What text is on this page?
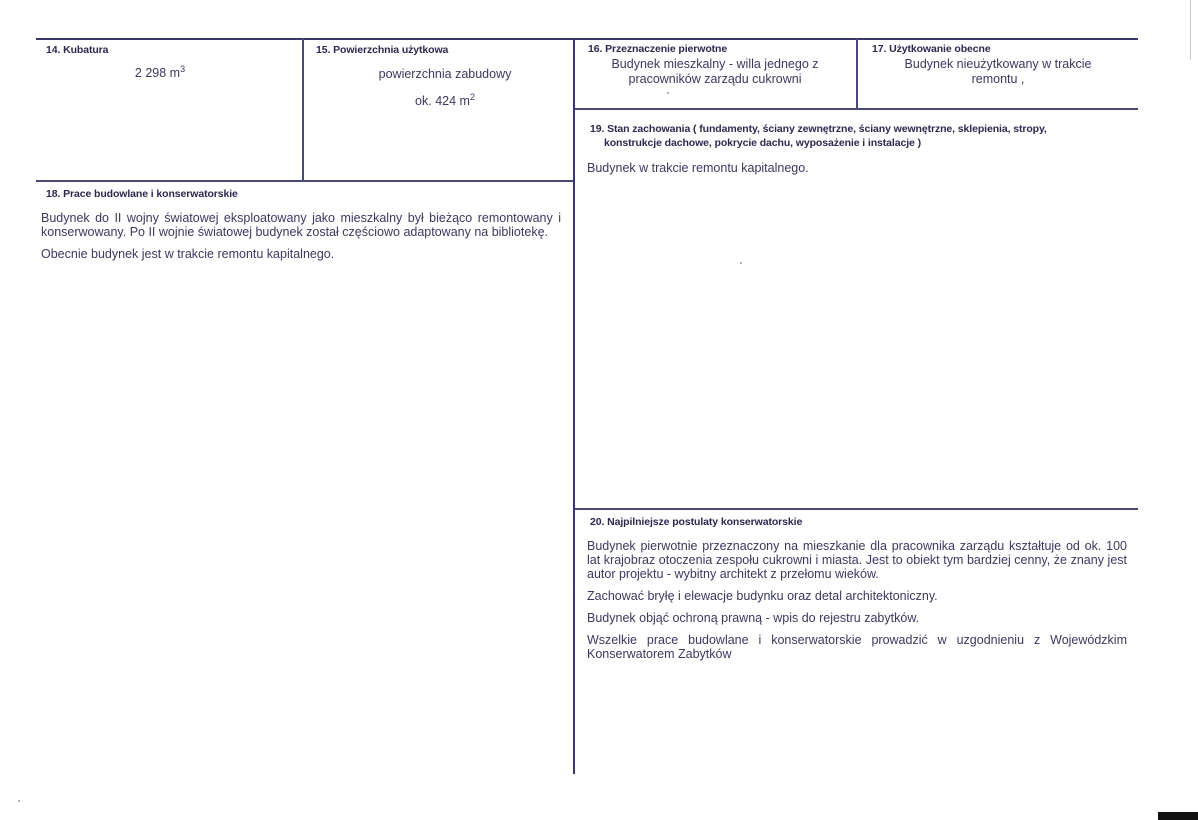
14. Kubatura
2 298 $m^3$
15. Powierzchnia użytkowa
powierzchnia zabudowy
ok. 424 $m^2$
16. Przeznaczenie pierwotne
Budynek mieszkalny - willa jednego z
pracowników zarządu cukrowni
17. Użytkowanie obecne
Budynek nieużytkowany w trakcie
remontu ,
19. Stan zachowania ( fundamenty, ściany zewnętrzne, ściany wewnętrzne, sklepienia, stropy,
konstrukcje dachowe, pokrycie dachu, wyposażenie i instalacje )
Budynek w trakcie remontu kapitalnego.
18. Prace budowlane i konserwatorskie

Budynek do II wojny światowej eksploatowany jako mieszkalny był bieżąco remontowany i konserwowany. Po II wojnie światowej budynek został częściowo adaptowany na bibliotekę.

Obecnie budynek jest w trakcie remontu kapitalnego.

20. Najpilniejsze postulaty konserwatorskie

Budynek pierwotnie przeznaczony na mieszkanie dla pracownika zarządu kształtuje od ok. 100 lat krajobraz otoczenia zespołu cukrowni i miasta. Jest to obiekt tym bardziej cenny, że znany jest autor projektu - wybitny architekt z przełomu wieków.

Zachować bryłę i elewacje budynku oraz detal architektoniczny.

Budynek objąć ochroną prawną - wpis do rejestru zabytków.

Wszelkie prace budowlane i konserwatorskie prowadzić w uzgodnieniu z Wojewódzkim Konserwatorem Zabytków
